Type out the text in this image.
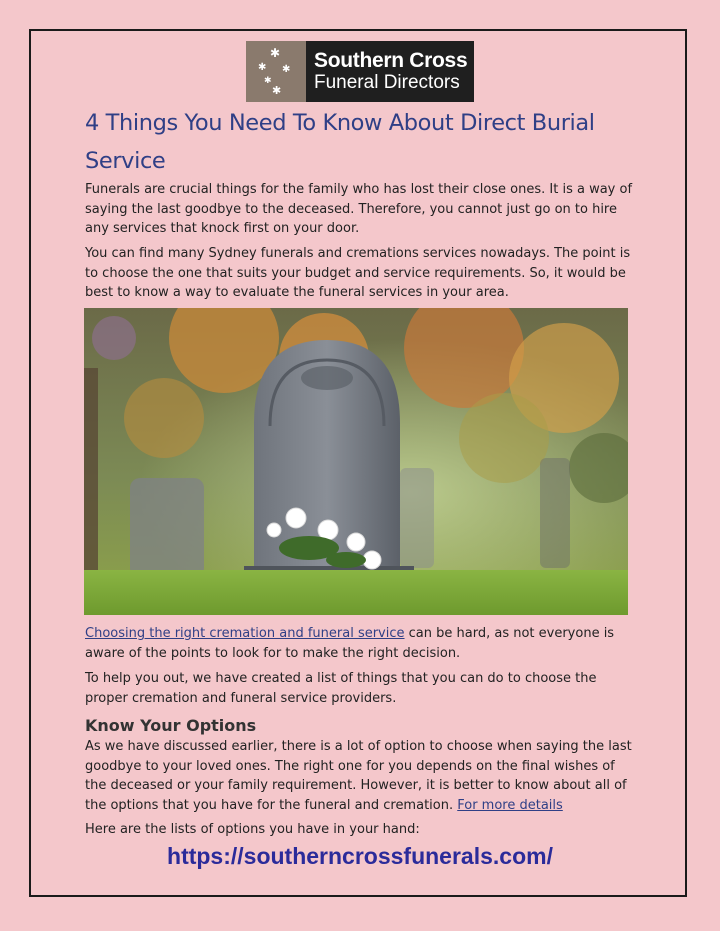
✱
✱ ✱
✱
✱
Southern Cross
Funeral Directors
4 Things You Need To Know About Direct Burial Service

Funerals are crucial things for the family who has lost their close ones. It is a way of saying the last goodbye to the deceased. Therefore, you cannot just go on to hire any services that knock first on your door.

You can find many Sydney funerals and cremations services nowadays. The point is to choose the one that suits your budget and service requirements. So, it would be best to know a way to evaluate the funeral services in your area.

Choosing the right cremation and funeral service can be hard, as not everyone is aware of the points to look for to make the right decision.

To help you out, we have created a list of things that you can do to choose the proper cremation and funeral service providers.

Know Your Options

As we have discussed earlier, there is a lot of option to choose when saying the last goodbye to your loved ones. The right one for you depends on the final wishes of the deceased or your family requirement. However, it is better to know about all of the options that you have for the funeral and cremation. For more details

Here are the lists of options you have in your hand:

https://southerncrossfunerals.com/
